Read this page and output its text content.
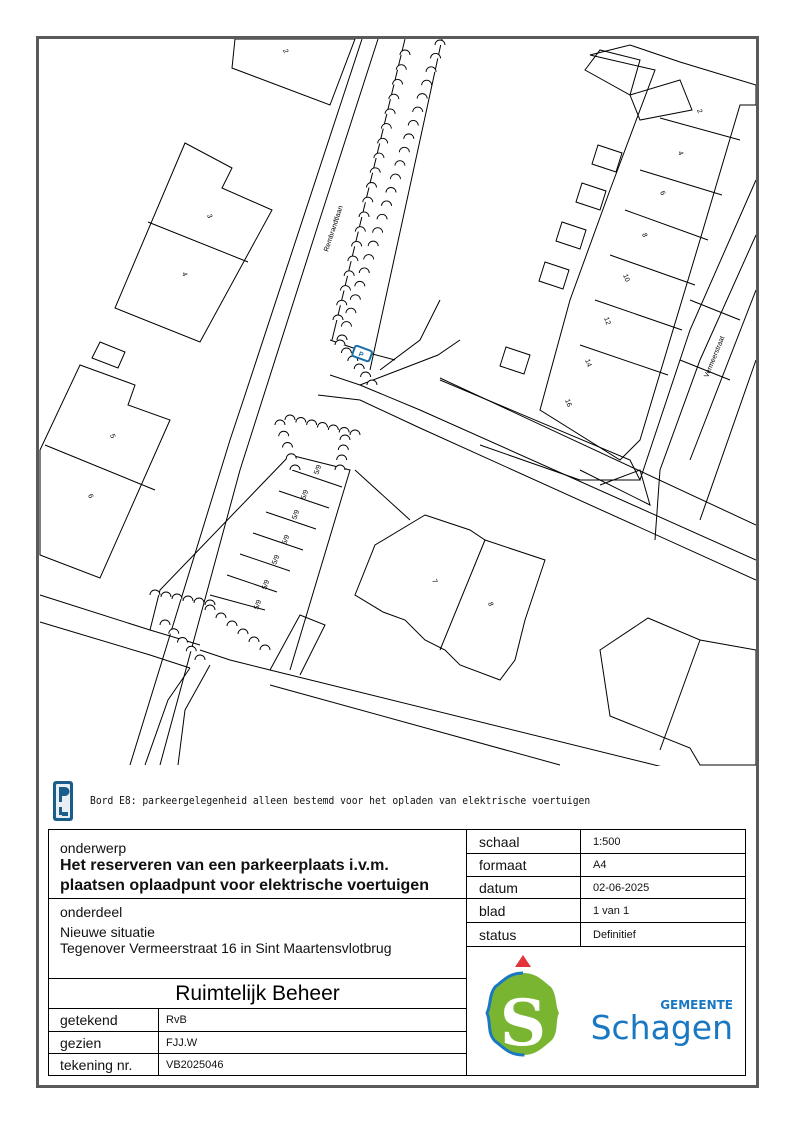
Rembrandtlaan
Vermeerstraat
2
3
4
5
6
7
8
2
4
6
8
10
12
14
16
5/9
5/9
5/9
5/9
5/9
5/9
5/9
P
Bord E8: parkeergelegenheid alleen bestemd voor het opladen van elektrische voertuigen
onderwerp
Het reserveren van een parkeerplaats i.v.m.
plaatsen oplaadpunt voor elektrische voertuigen
onderdeel
Nieuwe situatie
Tegenover Vermeerstraat 16 in Sint Maartensvlotbrug
Ruimtelijk Beheer
getekend	RvB
gezien	FJJ.W
tekening nr.	VB2025046
schaal	1:500
formaat	A4
datum	02-06-2025
blad	1 van 1
status	Definitief
S	GEMEENTE
Schagen
